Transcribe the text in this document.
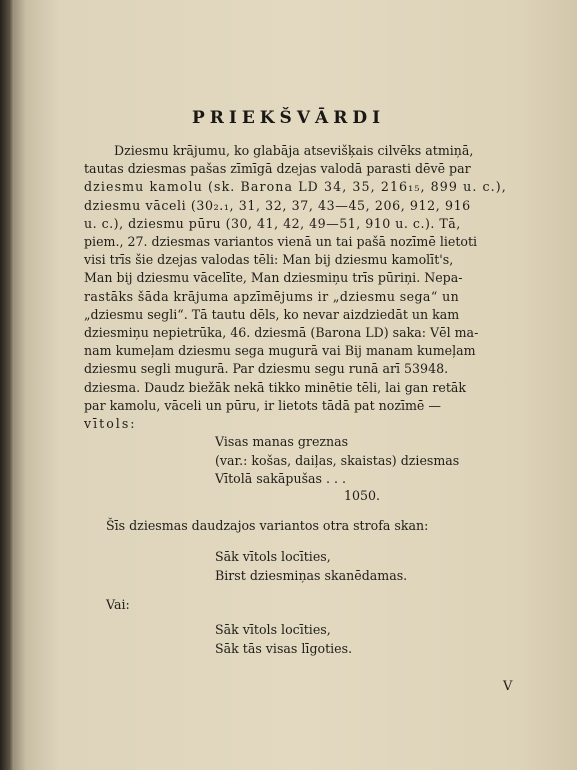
PRIEKŠVĀRDI

Dziesmu krājumu, ko glabāja atsevišķais cilvēks atmiņā,
tautas dziesmas pašas zīmīgā dzejas valodā parasti dēvē par
dziesmu kamolu (sk. Barona LD 34, 35, 216₁₅, 899 u. c.),
dziesmu vāceli (30₂.₁, 31, 32, 37, 43—45, 206, 912, 916
u. c.), dziesmu pūru (30, 41, 42, 49—51, 910 u. c.). Tā,
piem., 27. dziesmas variantos vienā un tai pašā nozīmē lietoti
visi trīs šie dzejas valodas tēli: Man bij dziesmu kamolīt's,
Man bij dziesmu vācelīte, Man dziesmiņu trīs pūriņi. Nepa-
rastāks šāda krājuma apzīmējums ir „dziesmu sega“ un
„dziesmu segli“. Tā tautu dēls, ko nevar aizdziedāt un kam
dziesmiņu nepietrūka, 46. dziesmā (Barona LD) saka: Vēl ma-
nam kumeļam dziesmu sega mugurā vai Bij manam kumeļam
dziesmu segli mugurā. Par dziesmu segu runā arī 53948.
dziesma. Daudz biežāk nekā tikko minētie tēli, lai gan retāk
par kamolu, vāceli un pūru, ir lietots tādā pat nozīmē —
vītols:

Visas manas greznas
(var.: košas, daiļas, skaistas) dziesmas
Vītolā sakāpušas . . .
1050.
Šīs dziesmas daudzajos variantos otra strofa skan:
Sāk vītols locīties,
Birst dziesmiņas skanēdamas.
Vai:
Sāk vītols locīties,
Sāk tās visas līgoties.
V
